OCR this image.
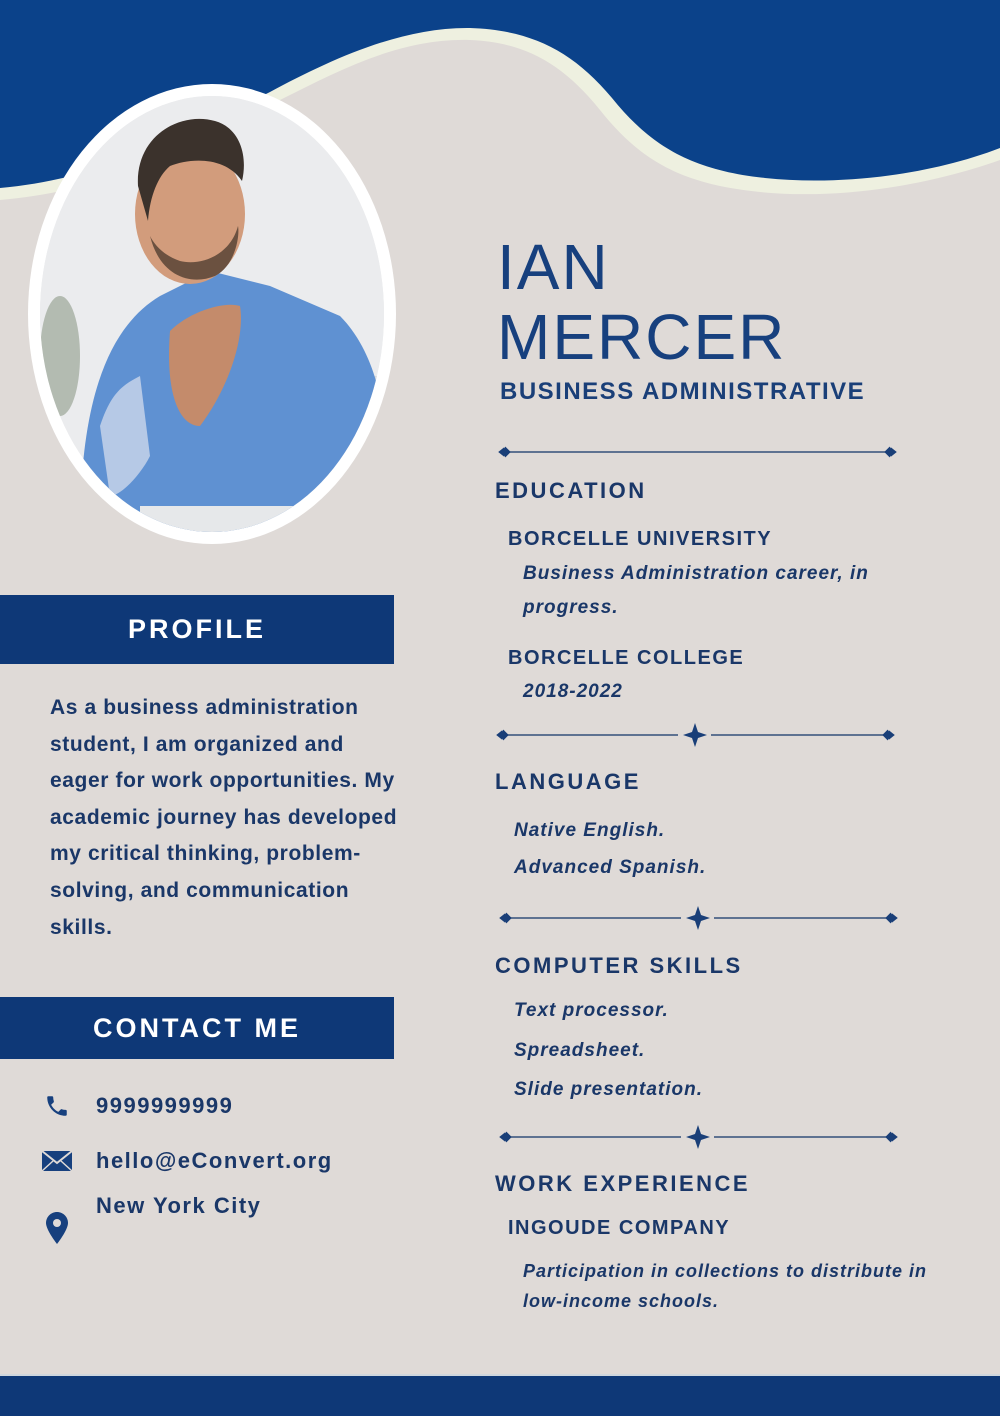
IAN
MERCER
BUSINESS ADMINISTRATIVE
EDUCATION
BORCELLE UNIVERSITY
Business Administration career, in
progress.
BORCELLE COLLEGE
2018-2022
LANGUAGE
Native English.
Advanced Spanish.
COMPUTER SKILLS
Text processor.
Spreadsheet.
Slide presentation.
WORK EXPERIENCE
INGOUDE COMPANY
Participation in collections to distribute in
low-income schools.
PROFILE
As a business administration student, I am organized and eager for work opportunities. My academic journey has developed my critical thinking, problem-solving, and communication skills.
CONTACT ME
9999999999
hello@eConvert.org
New York City
